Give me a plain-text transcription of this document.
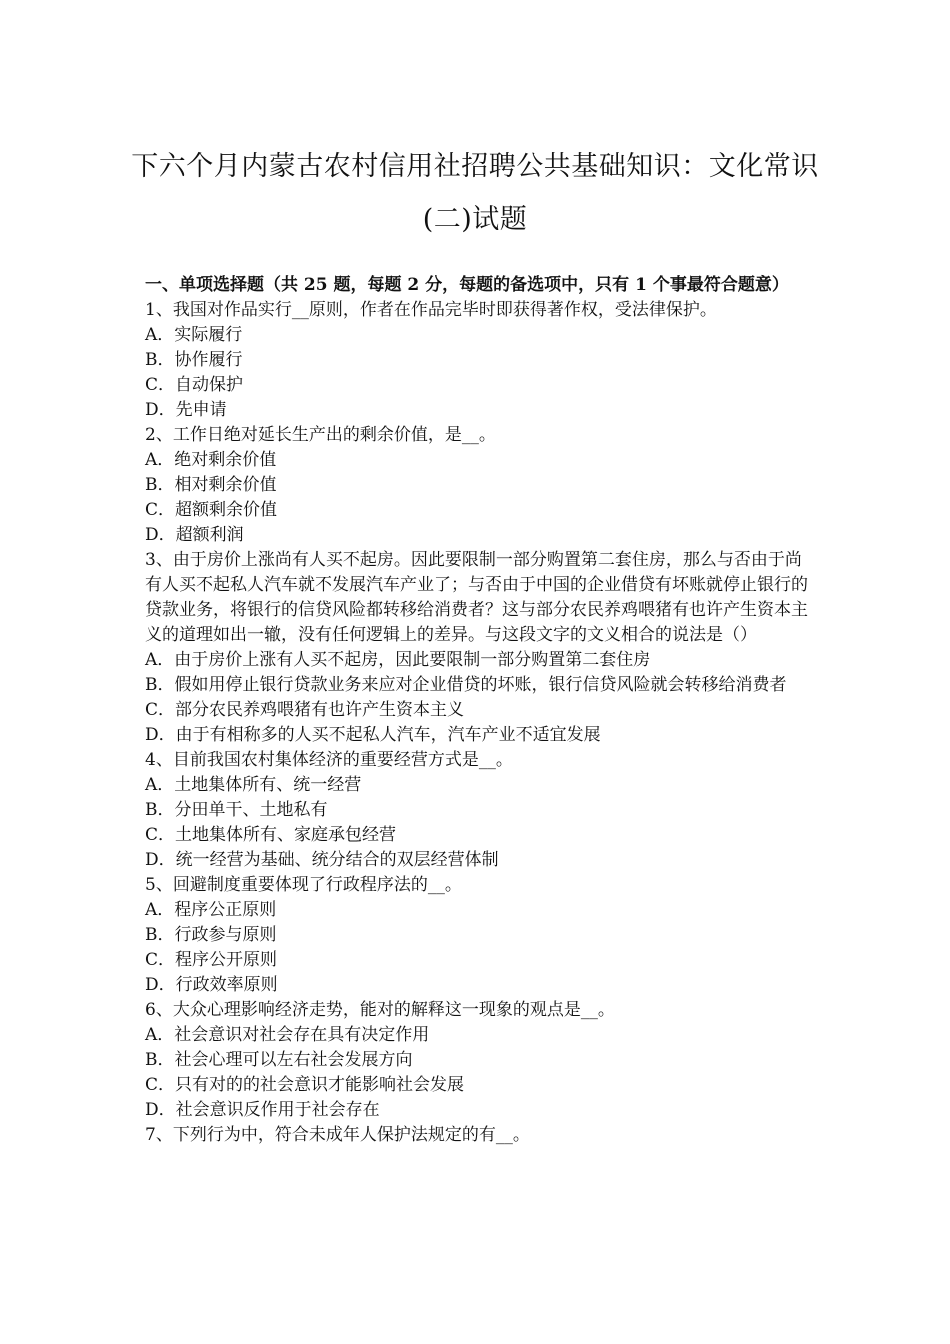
下六个月内蒙古农村信用社招聘公共基础知识：文化常识
(二)试题

一、单项选择题（共 25 题，每题 2 分，每题的备选项中，只有 1 个事最符合题意）

1、我国对作品实行__原则，作者在作品完毕时即获得著作权，受法律保护。

A．实际履行

B．协作履行

C．自动保护

D．先申请

2、工作日绝对延长生产出的剩余价值，是__。

A．绝对剩余价值

B．相对剩余价值

C．超额剩余价值

D．超额利润

3、由于房价上涨尚有人买不起房。因此要限制一部分购置第二套住房，那么与否由于尚有人买不起私人汽车就不发展汽车产业了；与否由于中国的企业借贷有坏账就停止银行的贷款业务，将银行的信贷风险都转移给消费者？这与部分农民养鸡喂猪有也许产生资本主义的道理如出一辙，没有任何逻辑上的差异。与这段文字的文义相合的说法是（）

A．由于房价上涨有人买不起房，因此要限制一部分购置第二套住房

B．假如用停止银行贷款业务来应对企业借贷的坏账，银行信贷风险就会转移给消费者

C．部分农民养鸡喂猪有也许产生资本主义

D．由于有相称多的人买不起私人汽车，汽车产业不适宜发展

4、目前我国农村集体经济的重要经营方式是__。

A．土地集体所有、统一经营

B．分田单干、土地私有

C．土地集体所有、家庭承包经营

D．统一经营为基础、统分结合的双层经营体制

5、回避制度重要体现了行政程序法的__。

A．程序公正原则

B．行政参与原则

C．程序公开原则

D．行政效率原则

6、大众心理影响经济走势，能对的解释这一现象的观点是__。

A．社会意识对社会存在具有决定作用

B．社会心理可以左右社会发展方向

C．只有对的的社会意识才能影响社会发展

D．社会意识反作用于社会存在

7、下列行为中，符合未成年人保护法规定的有__。
